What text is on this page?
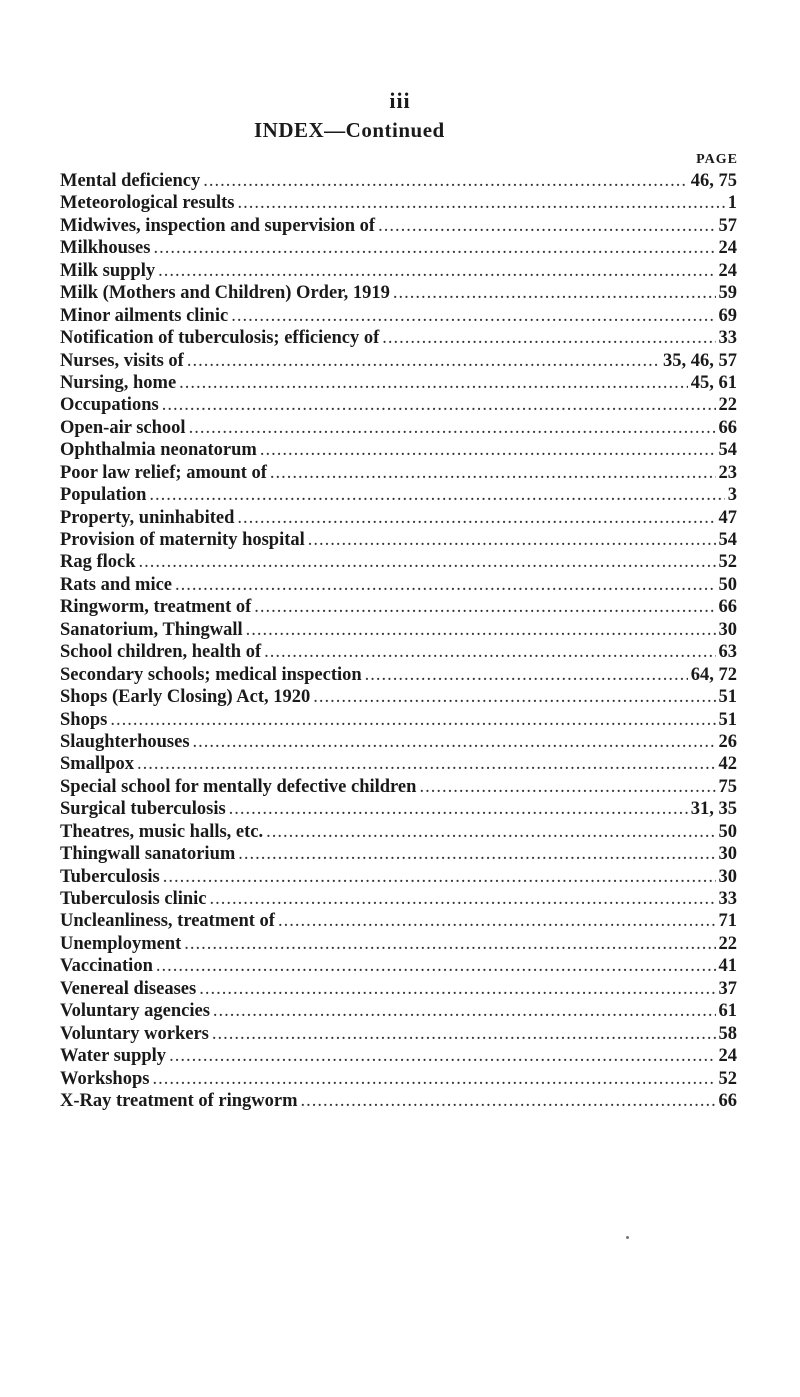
iii
INDEX—Continued
PAGE
Mental deficiency .....	46, 75
Meteorological results .....	1
Midwives, inspection and supervision of .....	57
Milkhouses .....	24
Milk supply .....	24
Milk (Mothers and Children) Order, 1919 .....	59
Minor ailments clinic .....	69
Notification of tuberculosis; efficiency of .....	33
Nurses, visits of .....	35, 46, 57
Nursing, home .....	45, 61
Occupations .....	22
Open-air school .....	66
Ophthalmia neonatorum .....	54
Poor law relief; amount of .....	23
Population .....	3
Property, uninhabited .....	47
Provision of maternity hospital .....	54
Rag flock .....	52
Rats and mice .....	50
Ringworm, treatment of .....	66
Sanatorium, Thingwall .....	30
School children, health of .....	63
Secondary schools; medical inspection .....	64, 72
Shops (Early Closing) Act, 1920 .....	51
Shops .....	51
Slaughterhouses .....	26
Smallpox .....	42
Special school for mentally defective children .....	75
Surgical tuberculosis .....	31, 35
Theatres, music halls, etc. .....	50
Thingwall sanatorium .....	30
Tuberculosis .....	30
Tuberculosis clinic .....	33
Uncleanliness, treatment of .....	71
Unemployment .....	22
Vaccination .....	41
Venereal diseases .....	37
Voluntary agencies .....	61
Voluntary workers .....	58
Water supply .....	24
Workshops .....	52
X-Ray treatment of ringworm .....	66
